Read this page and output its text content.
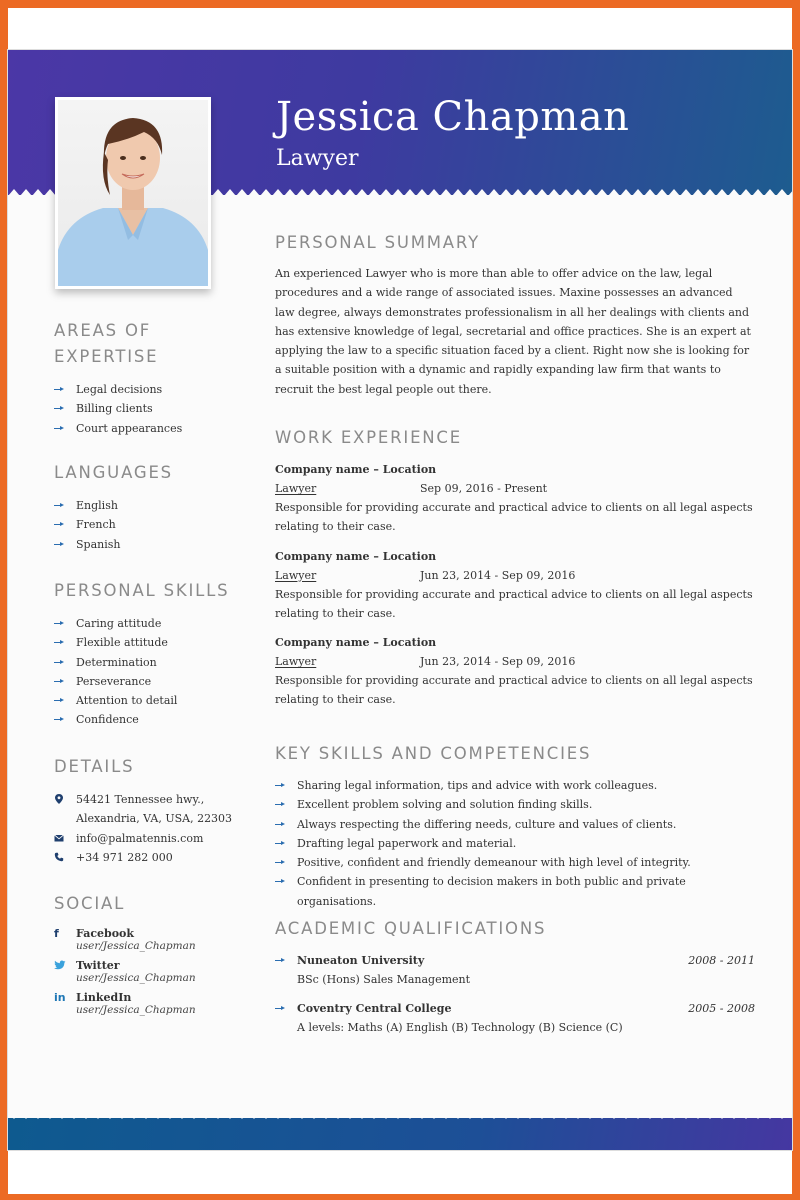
Jessica Chapman
Lawyer
AREAS OF
EXPERTISE
Legal decisions
Billing clients
Court appearances
LANGUAGES
English
French
Spanish
PERSONAL SKILLS
Caring attitude
Flexible attitude
Determination
Perseverance
Attention to detail
Confidence
DETAILS
54421 Tennessee hwy.,
Alexandria, VA, USA, 22303
info@palmatennis.com
+34 971 282 000
SOCIAL
f	Facebook
user/Jessica_Chapman
Twitter
user/Jessica_Chapman
in LinkedIn
user/Jessica_Chapman
PERSONAL SUMMARY

An experienced Lawyer who is more than able to offer advice on the law, legal procedures and a wide range of associated issues. Maxine possesses an advanced law degree, always demonstrates professionalism in all her dealings with clients and has extensive knowledge of legal, secretarial and office practices. She is an expert at applying the law to a specific situation faced by a client. Right now she is looking for a suitable position with a dynamic and rapidly expanding law firm that wants to recruit the best legal people out there.

WORK EXPERIENCE
Company name – Location
Lawyer	Sep 09, 2016 - Present

Responsible for providing accurate and practical advice to clients on all legal aspects relating to their case.

Company name – Location
Lawyer	Jun 23, 2014 - Sep 09, 2016

Responsible for providing accurate and practical advice to clients on all legal aspects relating to their case.

Company name – Location
Lawyer	Jun 23, 2014 - Sep 09, 2016

Responsible for providing accurate and practical advice to clients on all legal aspects relating to their case.

KEY SKILLS AND COMPETENCIES
Sharing legal information, tips and advice with work colleagues.
Excellent problem solving and solution finding skills.
Always respecting the differing needs, culture and values of clients.
Drafting legal paperwork and material.
Positive, confident and friendly demeanour with high level of integrity.
Confident in presenting to decision makers in both public and private organisations.
ACADEMIC QUALIFICATIONS
Nuneaton University	2008 - 2011
BSc (Hons) Sales Management
Coventry Central College	2005 - 2008
A levels: Maths (A) English (B) Technology (B) Science (C)
